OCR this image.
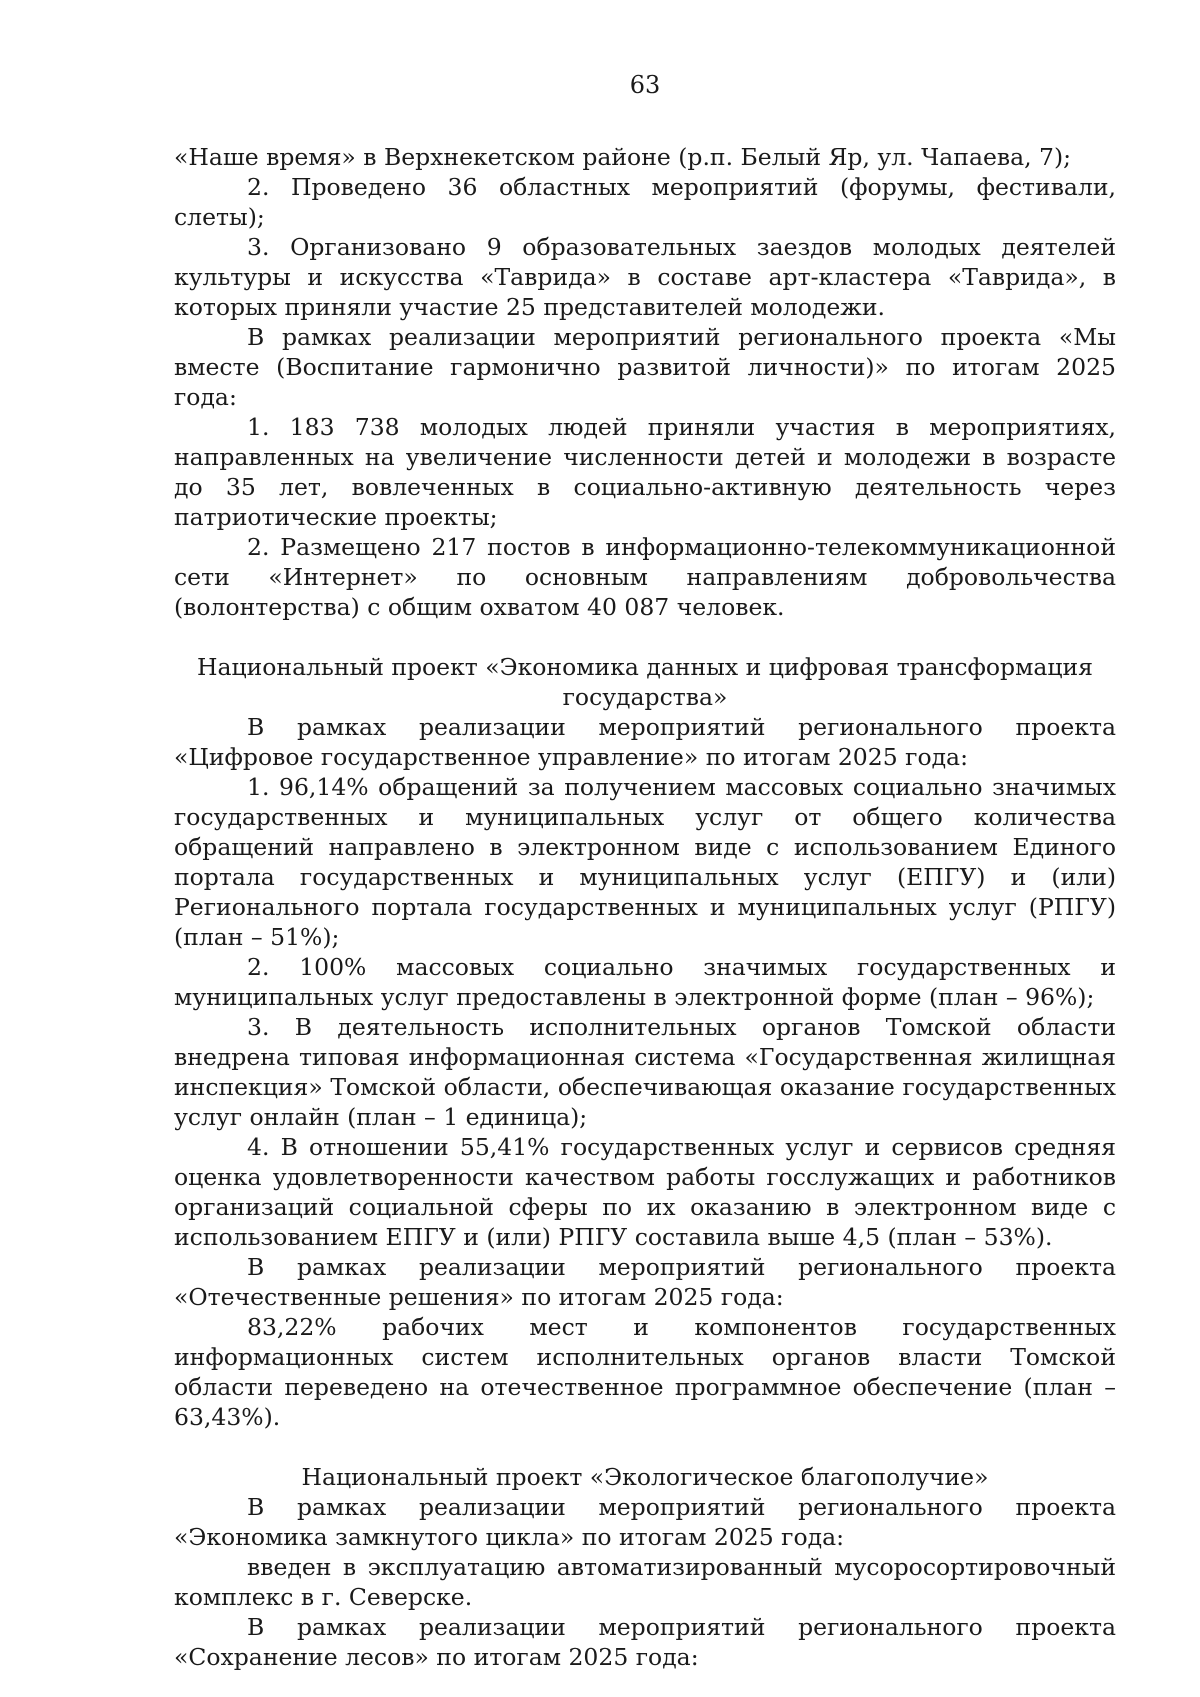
63

«Наше время» в Верхнекетском районе (р.п. Белый Яр, ул. Чапаева, 7);

2. Проведено 36 областных мероприятий (форумы, фестивали, слеты);

3. Организовано 9 образовательных заездов молодых деятелей культуры и искусства «Таврида» в составе арт-кластера «Таврида», в которых приняли участие 25 представителей молодежи.

В рамках реализации мероприятий регионального проекта «Мы вместе (Воспитание гармонично развитой личности)» по итогам 2025 года:

1. 183 738 молодых людей приняли участия в мероприятиях, направленных на увеличение численности детей и молодежи в возрасте до 35 лет, вовлеченных в социально-активную деятельность через патриотические проекты;

2. Размещено 217 постов в информационно-телекоммуникационной сети «Интернет» по основным направлениям добровольчества (волонтерства) с общим охватом 40 087 человек.

Национальный проект «Экономика данных и цифровая трансформация государства»

В рамках реализации мероприятий регионального проекта «Цифровое государственное управление» по итогам 2025 года:

1. 96,14% обращений за получением массовых социально значимых государственных и муниципальных услуг от общего количества обращений направлено в электронном виде с использованием Единого портала государственных и муниципальных услуг (ЕПГУ) и (или) Регионального портала государственных и муниципальных услуг (РПГУ) (план – 51%);

2. 100% массовых социально значимых государственных и муниципальных услуг предоставлены в электронной форме (план – 96%);

3. В деятельность исполнительных органов Томской области внедрена типовая информационная система «Государственная жилищная инспекция» Томской области, обеспечивающая оказание государственных услуг онлайн (план – 1 единица);

4. В отношении 55,41% государственных услуг и сервисов средняя оценка удовлетворенности качеством работы госслужащих и работников организаций социальной сферы по их оказанию в электронном виде с использованием ЕПГУ и (или) РПГУ составила выше 4,5 (план – 53%).

В рамках реализации мероприятий регионального проекта «Отечественные решения» по итогам 2025 года:

83,22% рабочих мест и компонентов государственных информационных систем исполнительных органов власти Томской области переведено на отечественное программное обеспечение (план – 63,43%).

Национальный проект «Экологическое благополучие»

В рамках реализации мероприятий регионального проекта «Экономика замкнутого цикла» по итогам 2025 года:

введен в эксплуатацию автоматизированный мусоросортировочный комплекс в г. Северске.

В рамках реализации мероприятий регионального проекта «Сохранение лесов» по итогам 2025 года:
